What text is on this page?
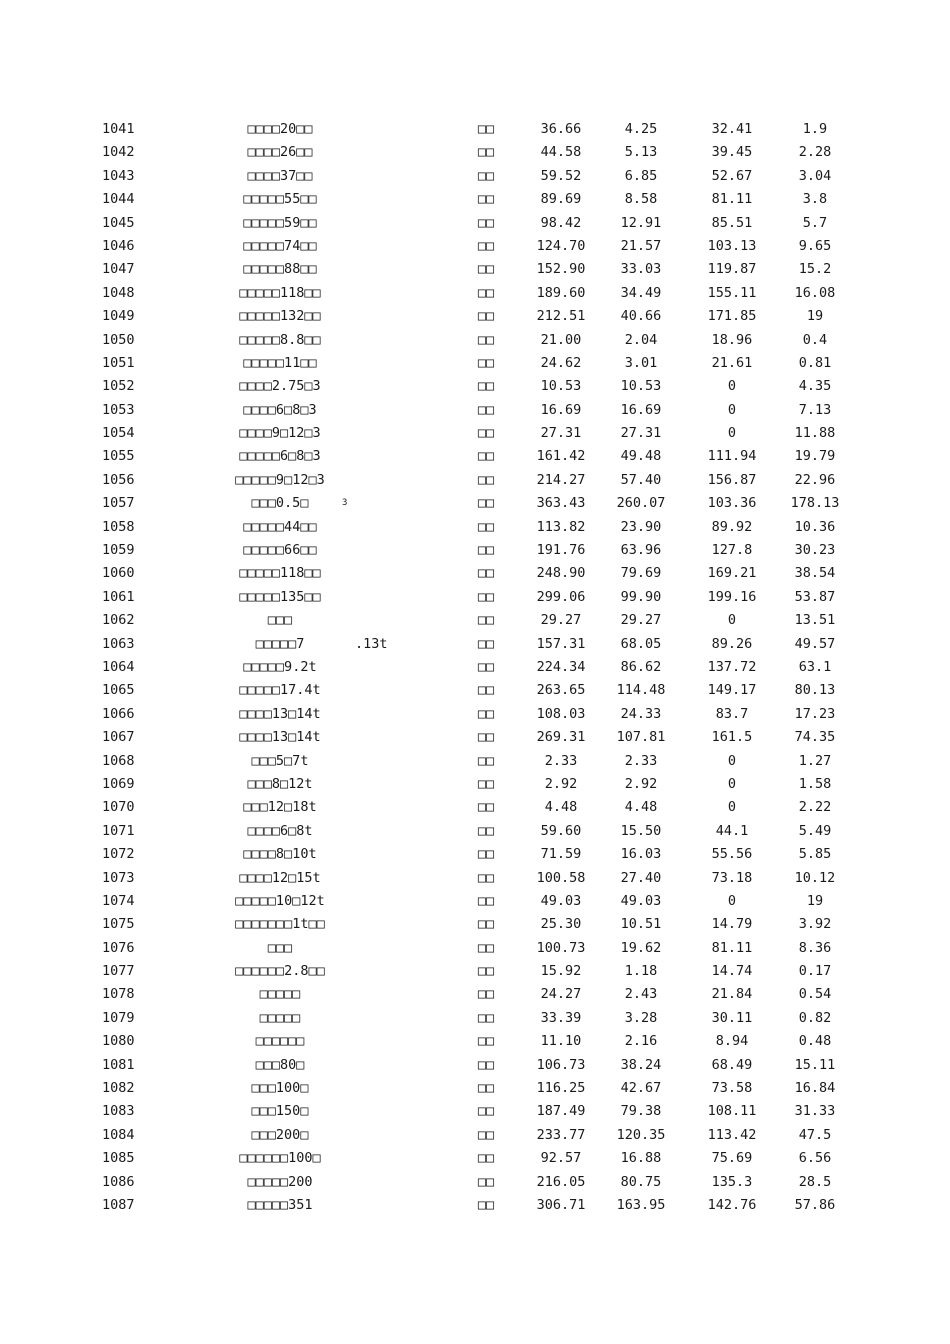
1041	□□□□20□□	□□	36.66	4.25	32.41	1.9
1042	□□□□26□□	□□	44.58	5.13	39.45	2.28
1043	□□□□37□□	□□	59.52	6.85	52.67	3.04
1044	□□□□□55□□	□□	89.69	8.58	81.11	3.8
1045	□□□□□59□□	□□	98.42	12.91	85.51	5.7
1046	□□□□□74□□	□□	124.70	21.57	103.13	9.65
1047	□□□□□88□□	□□	152.90	33.03	119.87	15.2
1048	□□□□□118□□	□□	189.60	34.49	155.11	16.08
1049	□□□□□132□□	□□	212.51	40.66	171.85	19
1050	□□□□□8.8□□	□□	21.00	2.04	18.96	0.4
1051	□□□□□11□□	□□	24.62	3.01	21.61	0.81
1052	□□□□2.75□3	□□	10.53	10.53	0	4.35
1053	□□□□6□8□3	□□	16.69	16.69	0	7.13
1054	□□□□9□12□3	□□	27.31	27.31	0	11.88
1055	□□□□□6□8□3	□□	161.42	49.48	111.94	19.79
1056	□□□□□9□12□3	□□	214.27	57.40	156.87	22.96
1057	□□□0.5□	□□	363.43	260.07	103.36	178.13
3
1058	□□□□□44□□	□□	113.82	23.90	89.92	10.36
1059	□□□□□66□□	□□	191.76	63.96	127.8	30.23
1060	□□□□□118□□	□□	248.90	79.69	169.21	38.54
1061	□□□□□135□□	□□	299.06	99.90	199.16	53.87
1062	□□□	□□	29.27	29.27	0	13.51
1063	□□□□□7	□□	157.31	68.05	89.26	49.57
.13t
1064	□□□□□9.2t	□□	224.34	86.62	137.72	63.1
1065	□□□□□17.4t	□□	263.65	114.48	149.17	80.13
1066	□□□□13□14t	□□	108.03	24.33	83.7	17.23
1067	□□□□13□14t	□□	269.31	107.81	161.5	74.35
1068	□□□5□7t	□□	2.33	2.33	0	1.27
1069	□□□8□12t	□□	2.92	2.92	0	1.58
1070	□□□12□18t	□□	4.48	4.48	0	2.22
1071	□□□□6□8t	□□	59.60	15.50	44.1	5.49
1072	□□□□8□10t	□□	71.59	16.03	55.56	5.85
1073	□□□□12□15t	□□	100.58	27.40	73.18	10.12
1074	□□□□□10□12t	□□	49.03	49.03	0	19
1075	□□□□□□□1t□□	□□	25.30	10.51	14.79	3.92
1076	□□□	□□	100.73	19.62	81.11	8.36
1077	□□□□□□2.8□□	□□	15.92	1.18	14.74	0.17
1078	□□□□□	□□	24.27	2.43	21.84	0.54
1079	□□□□□	□□	33.39	3.28	30.11	0.82
1080	□□□□□□	□□	11.10	2.16	8.94	0.48
1081	□□□80□	□□	106.73	38.24	68.49	15.11
1082	□□□100□	□□	116.25	42.67	73.58	16.84
1083	□□□150□	□□	187.49	79.38	108.11	31.33
1084	□□□200□	□□	233.77	120.35	113.42	47.5
1085	□□□□□□100□	□□	92.57	16.88	75.69	6.56
1086	□□□□□200	□□	216.05	80.75	135.3	28.5
1087	□□□□□351	□□	306.71	163.95	142.76	57.86
